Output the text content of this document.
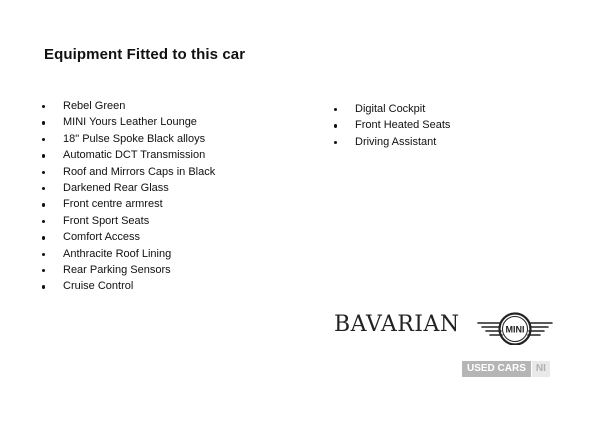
Equipment Fitted to this car
Rebel Green
MINI Yours Leather Lounge
18" Pulse Spoke Black alloys
Automatic DCT Transmission
Roof and Mirrors Caps in Black
Darkened Rear Glass
Front centre armrest
Front Sport Seats
Comfort Access
Anthracite Roof Lining
Rear Parking Sensors
Cruise Control
Digital Cockpit
Front Heated Seats
Driving Assistant
BAVARIAN	MINI
USED CARS	NI
